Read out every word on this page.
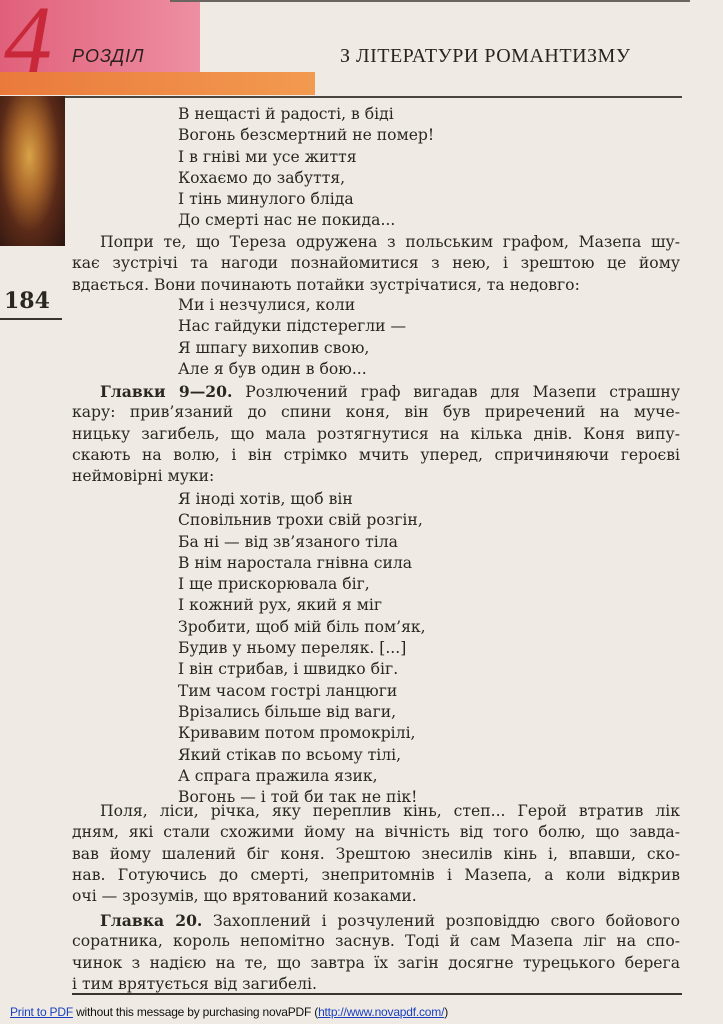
4 РОЗДІЛ	З ЛІТЕРАТУРИ РОМАНТИЗМУ
184
В нещасті й радості, в біді
Вогонь безсмертний не помер!
І в гніві ми усе життя
Кохаємо до забуття,
І тінь минулого бліда
До смерті нас не покида...
Попри те, що Тереза одружена з польським графом, Мазепа шу-
кає зустрічі та нагоди познайомитися з нею, і зрештою це йому
вдається. Вони починають потайки зустрічатися, та недовго:
Ми і незчулися, коли
Нас гайдуки підстерегли —
Я шпагу вихопив свою,
Але я був один в бою...
Главки 9—20. Розлючений граф вигадав для Мазепи страшну
кару: прив’язаний до спини коня, він був приречений на муче-
ницьку загибель, що мала розтягнутися на кілька днів. Коня випу-
скають на волю, і він стрімко мчить уперед, спричиняючи героєві
неймовірні муки:
Я іноді хотів, щоб він
Сповільнив трохи свій розгін,
Ба ні — від зв’язаного тіла
В нім наростала гнівна сила
І ще прискорювала біг,
І кожний рух, який я міг
Зробити, щоб мій біль пом’як,
Будив у ньому переляк. [...]
І він стрибав, і швидко біг.
Тим часом гострі ланцюги
Врізались більше від ваги,
Кривавим потом промокрілі,
Який стікав по всьому тілі,
А спрага пражила язик,
Вогонь — і той би так не пік!
Поля, ліси, річка, яку переплив кінь, степ... Герой втратив лік
дням, які стали схожими йому на вічність від того болю, що завда-
вав йому шалений біг коня. Зрештою знесилів кінь і, впавши, ско-
нав. Готуючись до смерті, знепритомнів і Мазепа, а коли відкрив
очі — зрозумів, що врятований козаками.
Главка 20. Захоплений і розчулений розповіддю свого бойового
соратника, король непомітно заснув. Тоді й сам Мазепа ліг на спо-
чинок з надією на те, що завтра їх загін досягне турецького берега
і тим врятується від загибелі.
Print to PDF without this message by purchasing novaPDF (http://www.novapdf.com/)
